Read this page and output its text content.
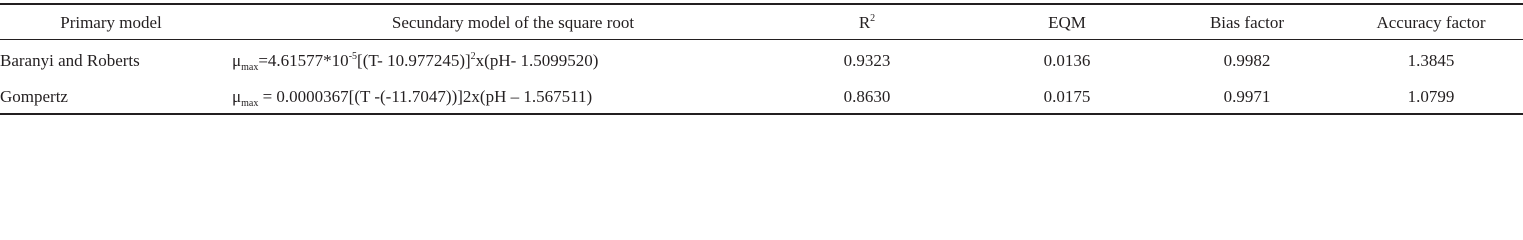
Primary model	Secundary model of the square root	$R^2$	EQM	Bias factor	Accuracy factor
Baranyi and Roberts	$\mu_{max}=4.61577*10^{-5}[(T-$ 10.977245)]$^2$x(pH- 1.5099520)	0.9323	0.0136	0.9982	1.3845
Gompertz	$\mu_{max} = 0.0000367[(T$ -(-11.7047))]2x(pH – 1.567511)	0.8630	0.0175	0.9971	1.0799
